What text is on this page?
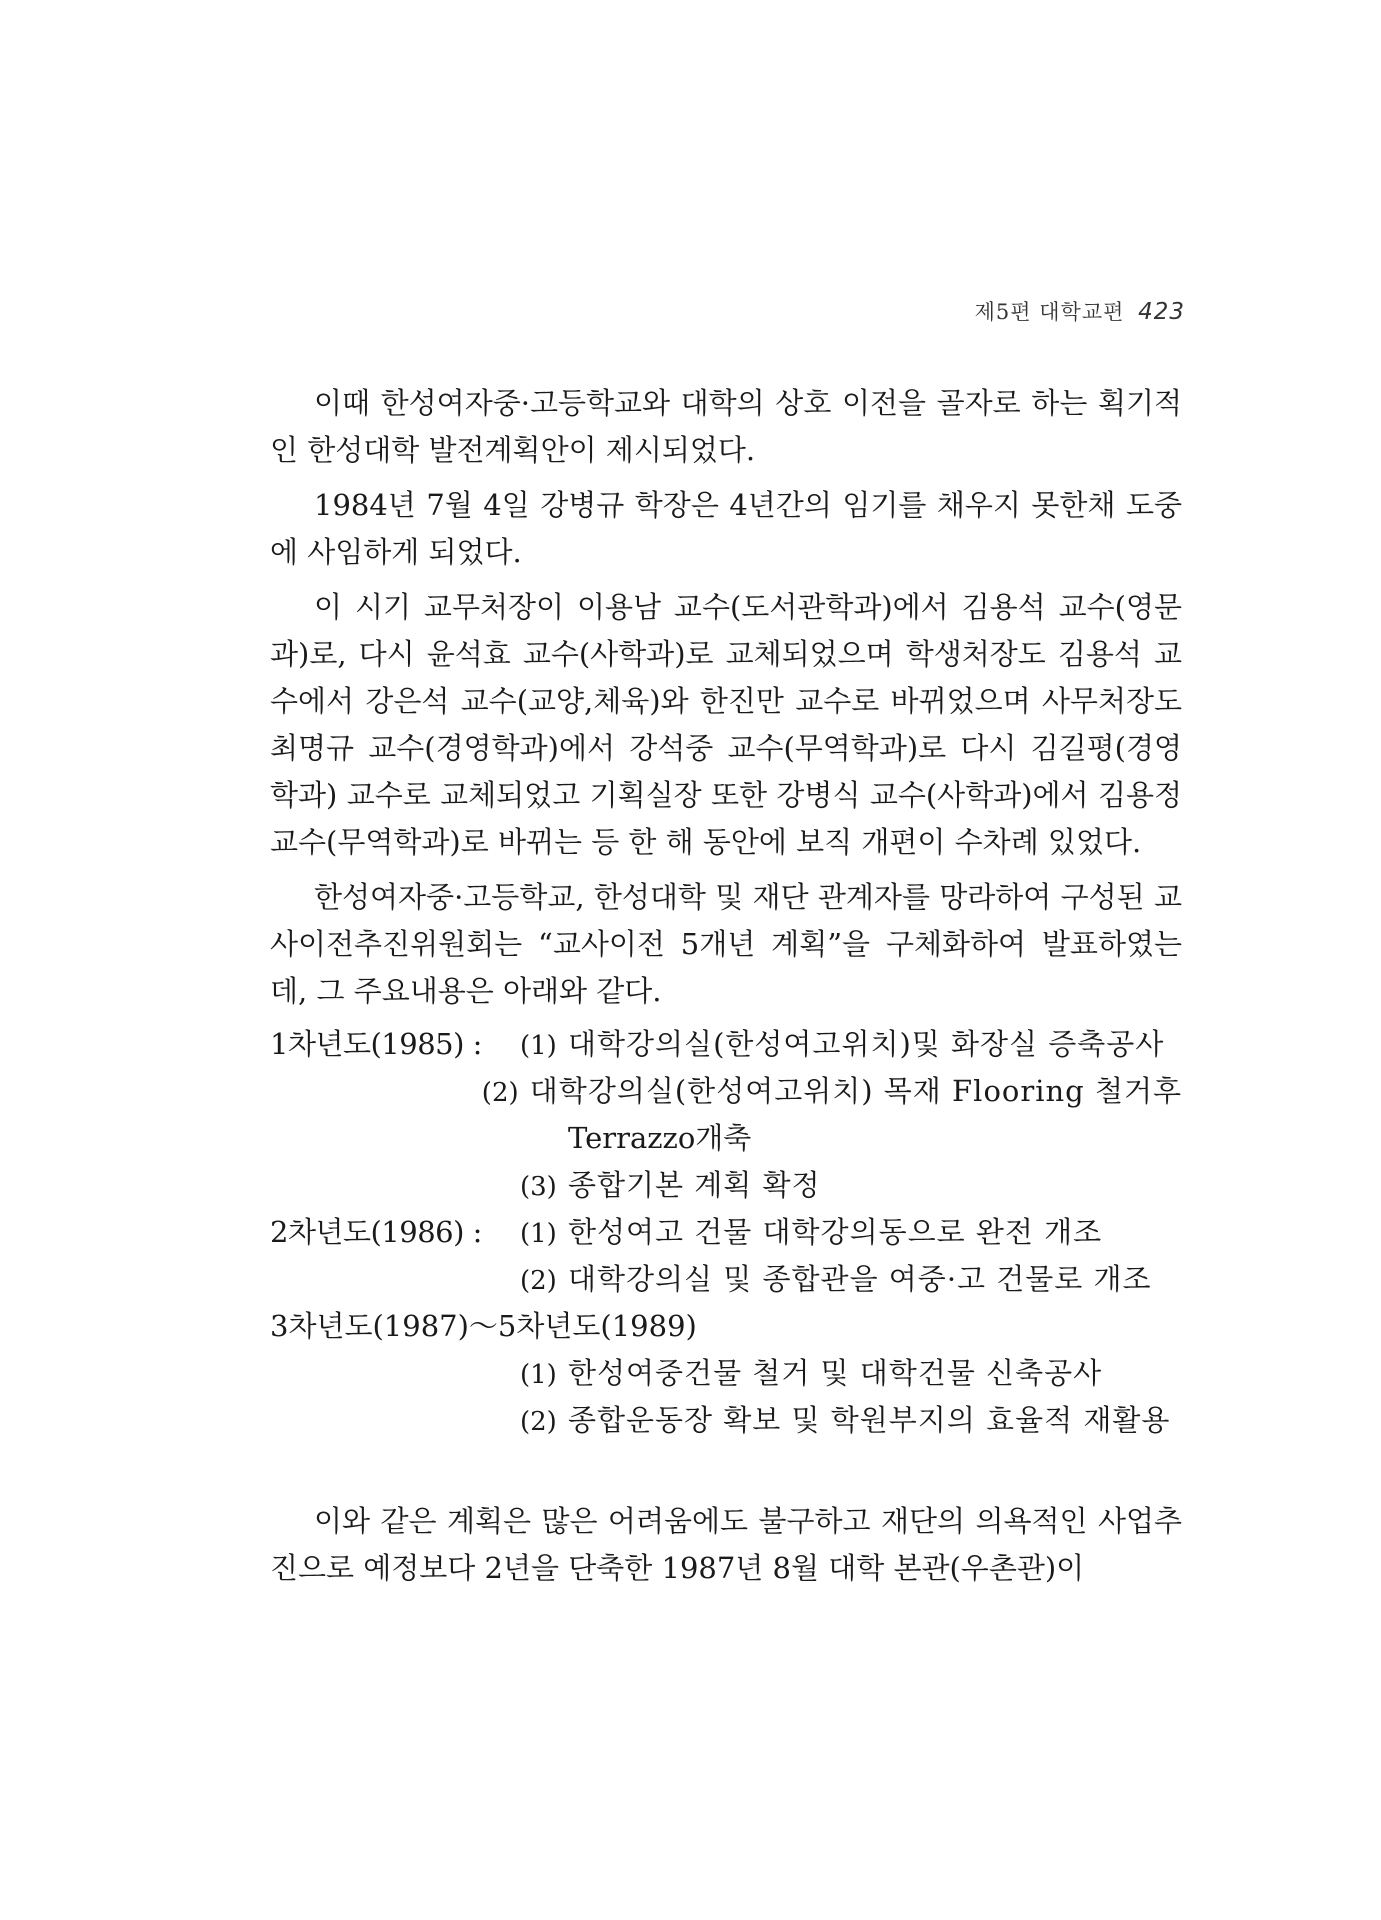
제5편 대학교편 423

이때 한성여자중·고등학교와 대학의 상호 이전을 골자로 하는 획기적인 한성대학 발전계획안이 제시되었다.

1984년 7월 4일 강병규 학장은 4년간의 임기를 채우지 못한채 도중에 사임하게 되었다.

이 시기 교무처장이 이용남 교수(도서관학과)에서 김용석 교수(영문과)로, 다시 윤석효 교수(사학과)로 교체되었으며 학생처장도 김용석 교수에서 강은석 교수(교양,체육)와 한진만 교수로 바뀌었으며 사무처장도 최명규 교수(경영학과)에서 강석중 교수(무역학과)로 다시 김길평(경영학과) 교수로 교체되었고 기획실장 또한 강병식 교수(사학과)에서 김용정 교수(무역학과)로 바뀌는 등 한 해 동안에 보직 개편이 수차례 있었다.

한성여자중·고등학교, 한성대학 및 재단 관계자를 망라하여 구성된 교사이전추진위원회는 “교사이전 5개년 계획”을 구체화하여 발표하였는데, 그 주요내용은 아래와 같다.

1차년도(1985) :	(1) 대학강의실(한성여고위치)및 화장실 증축공사
(2) 대학강의실(한성여고위치) 목재 Flooring 철거후
Terrazzo개축
(3) 종합기본 계획 확정
2차년도(1986) :	(1) 한성여고 건물 대학강의동으로 완전 개조
(2) 대학강의실 및 종합관을 여중·고 건물로 개조
3차년도(1987)～5차년도(1989)
(1) 한성여중건물 철거 및 대학건물 신축공사
(2) 종합운동장 확보 및 학원부지의 효율적 재활용

이와 같은 계획은 많은 어려움에도 불구하고 재단의 의욕적인 사업추진으로 예정보다 2년을 단축한 1987년 8월 대학 본관(우촌관)이
